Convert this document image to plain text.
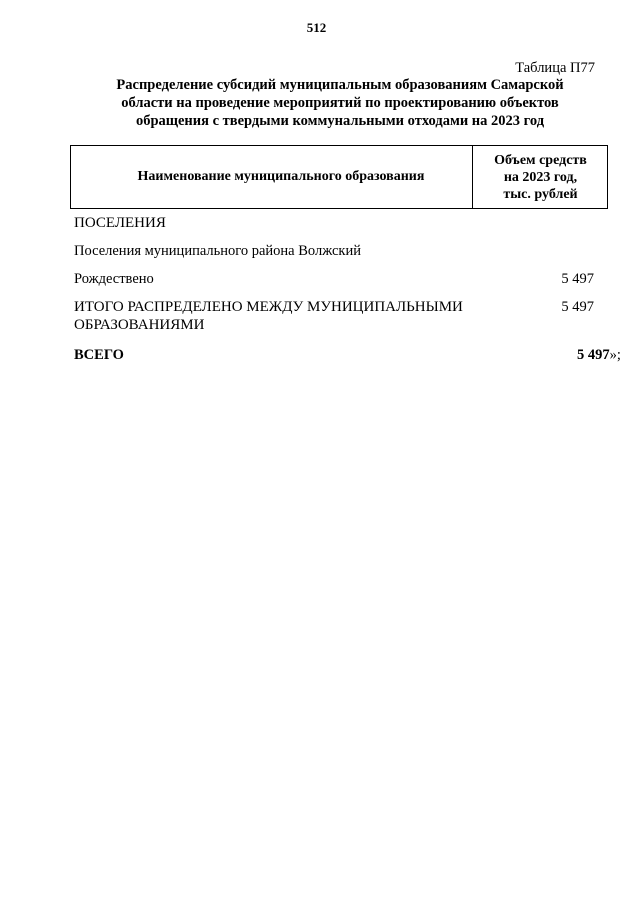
512
Таблица П77
Распределение субсидий муниципальным образованиям Самарской
области на проведение мероприятий по проектированию объектов
обращения с твердыми коммунальными отходами на 2023 год
Наименование муниципального образования
Объем средств
на 2023 год,
тыс. рублей
ПОСЕЛЕНИЯ
Поселения муниципального района Волжский
Рождествено	5 497
ИТОГО РАСПРЕДЕЛЕНО МЕЖДУ МУНИЦИПАЛЬНЫМИ ОБРАЗОВАНИЯМИ
5 497
ВСЕГО	5 497»;
